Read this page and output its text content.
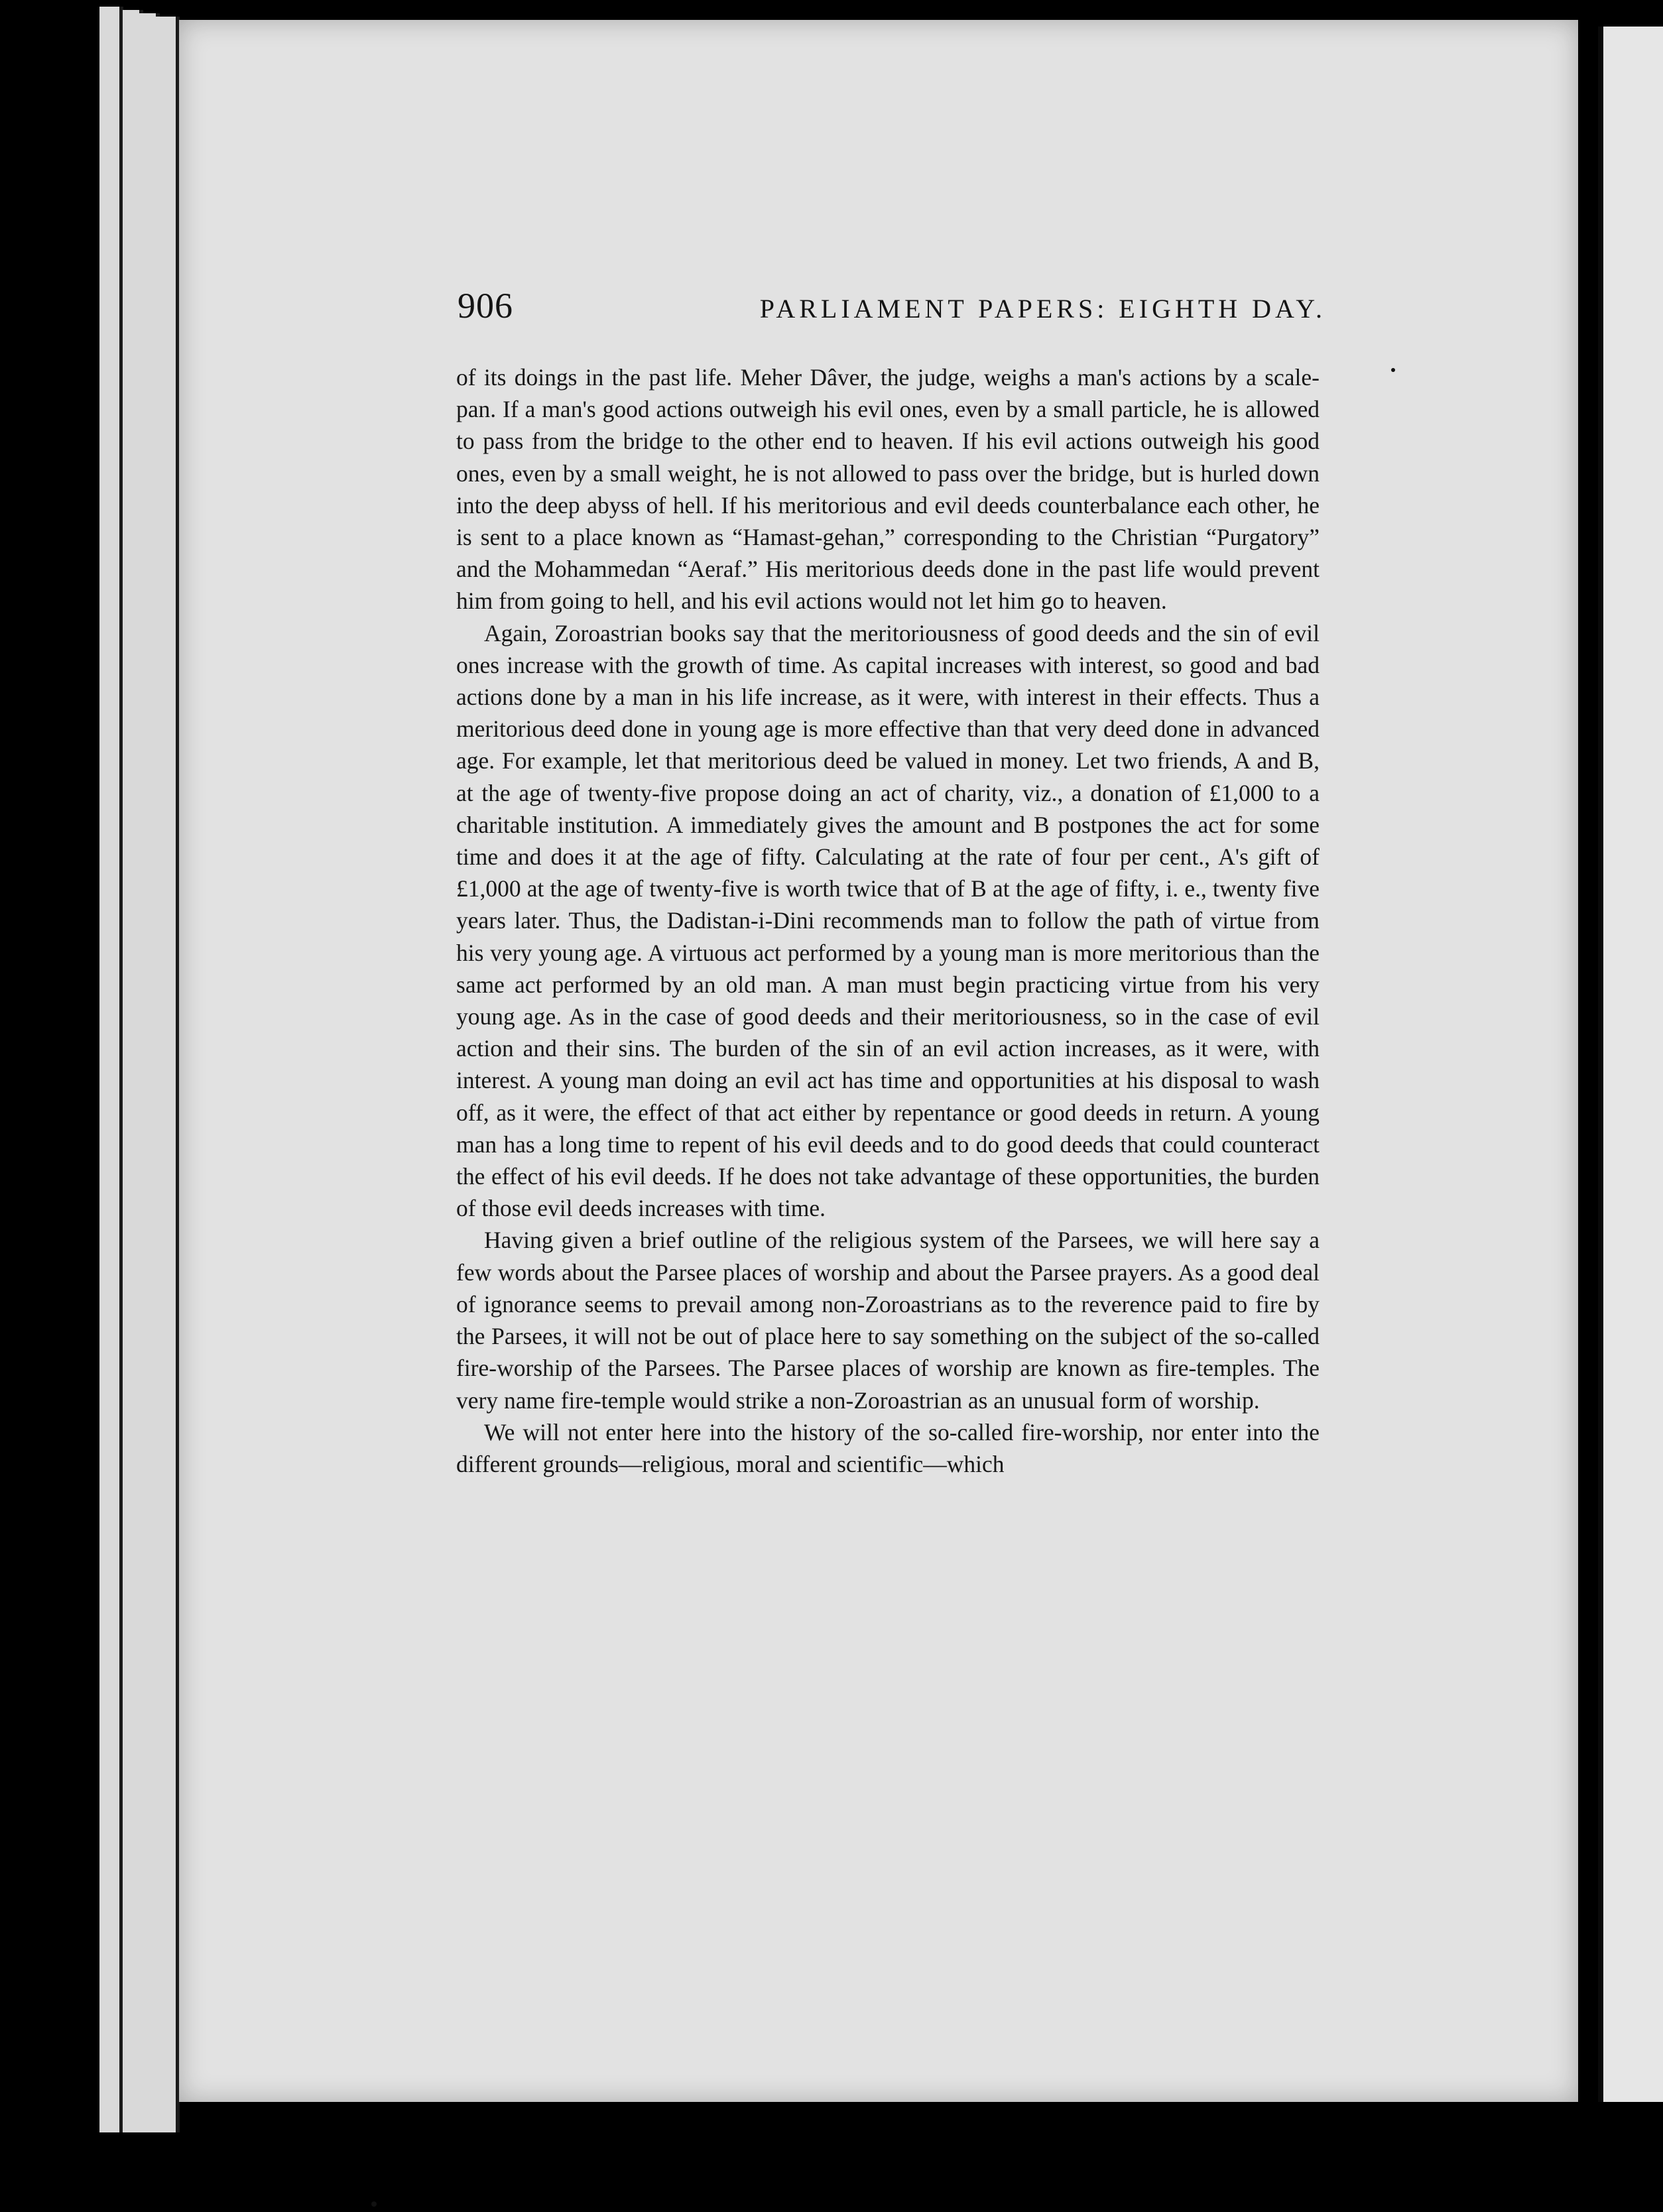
906	PARLIAMENT PAPERS: EIGHTH DAY.

of its doings in the past life. Meher Dâver, the judge, weighs a man's actions by a scale-pan. If a man's good actions outweigh his evil ones, even by a small particle, he is allowed to pass from the bridge to the other end to heaven. If his evil actions outweigh his good ones, even by a small weight, he is not allowed to pass over the bridge, but is hurled down into the deep abyss of hell. If his meritorious and evil deeds counterbalance each other, he is sent to a place known as “Hamast-gehan,” corresponding to the Christian “Purgatory” and the Mohammedan “Aeraf.” His meritorious deeds done in the past life would prevent him from going to hell, and his evil actions would not let him go to heaven.

Again, Zoroastrian books say that the meritoriousness of good deeds and the sin of evil ones increase with the growth of time. As capital increases with interest, so good and bad actions done by a man in his life increase, as it were, with interest in their effects. Thus a meritorious deed done in young age is more effective than that very deed done in advanced age. For example, let that meritorious deed be valued in money. Let two friends, A and B, at the age of twenty-five propose doing an act of charity, viz., a donation of £1,000 to a charitable institution. A immediately gives the amount and B postpones the act for some time and does it at the age of fifty. Calculating at the rate of four per cent., A's gift of £1,000 at the age of twenty-five is worth twice that of B at the age of fifty, i. e., twenty five years later. Thus, the Dadistan-i-Dini recommends man to follow the path of virtue from his very young age. A virtuous act performed by a young man is more meritorious than the same act performed by an old man. A man must begin practicing virtue from his very young age. As in the case of good deeds and their meritoriousness, so in the case of evil action and their sins. The burden of the sin of an evil action increases, as it were, with interest. A young man doing an evil act has time and opportunities at his disposal to wash off, as it were, the effect of that act either by repentance or good deeds in return. A young man has a long time to repent of his evil deeds and to do good deeds that could counteract the effect of his evil deeds. If he does not take advantage of these opportunities, the burden of those evil deeds increases with time.

Having given a brief outline of the religious system of the Parsees, we will here say a few words about the Parsee places of worship and about the Parsee prayers. As a good deal of ignorance seems to prevail among non-Zoroastrians as to the reverence paid to fire by the Parsees, it will not be out of place here to say something on the subject of the so-called fire-worship of the Parsees. The Parsee places of worship are known as fire-temples. The very name fire-temple would strike a non-Zoroastrian as an unusual form of worship.

We will not enter here into the history of the so-called fire-worship, nor enter into the different grounds—religious, moral and scientific—which
